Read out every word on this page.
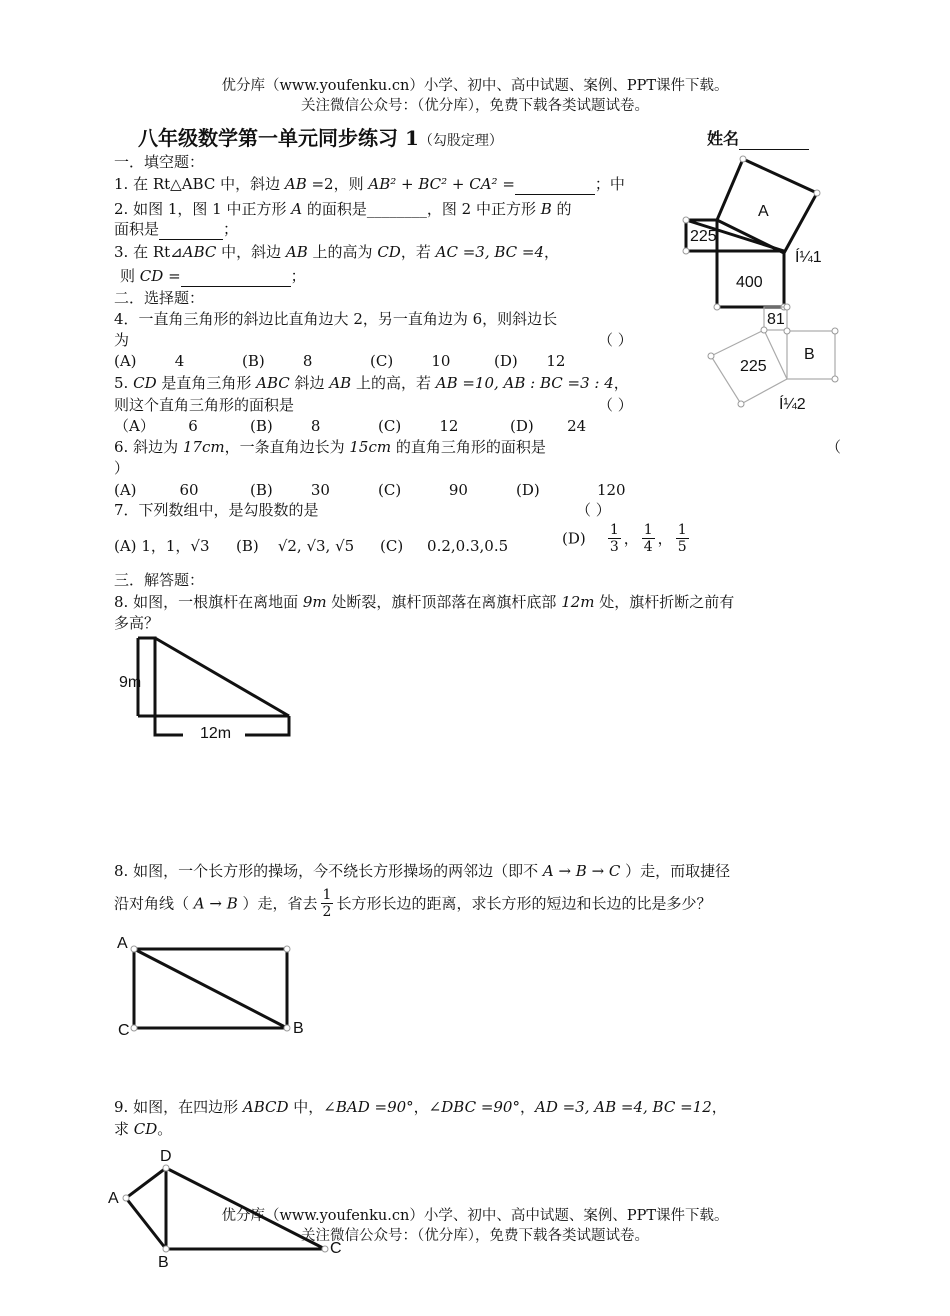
优分库（www.youfenku.cn）小学、初中、高中试题、案例、PPT课件下载。
关注微信公众号：（优分库），免费下载各类试题试卷。
八年级数学第一单元同步练习 1（勾股定理）	姓名
一．填空题：
1. 在 Rt△ABC 中，斜边 AB =2，则 AB² + BC² + CA² =	；中
2. 如图 1，图 1 中正方形 A 的面积是________，图 2 中正方形 B 的
面积是	；
3. 在 Rt⊿ABC 中，斜边 AB 上的高为 CD，若 AC =3, BC =4，
则 CD =	；
二．选择题：
4．一直角三角形的斜边比直角边大 2，另一直角边为 6，则斜边长
为	（ ）
(A)	4	(B)	8	(C)	10	(D) 12
5. CD 是直角三角形 ABC 斜边 AB 上的高，若 AB =10, AB : BC =3 : 4，
则这个直角三角形的面积是	（ ）
（A） 6	(B)	8	(C)	12	(D) 24
6. 斜边为 17cm，一条直角边长为 15cm 的直角三角形的面积是	（
）
(A)	60	(B)	30	(C)	90	(D)	120
7．下列数组中，是勾股数的是	（ ）
(A) 1，1，√3 (B) √2, √3, √5 (C) 0.2,0.3,0.5	$(D) \frac{1}{3}$ ， $\frac{1}{4}$ ， $\frac{1}{5}$
三．解答题：
8. 如图，一根旗杆在离地面 9m 处断裂，旗杆顶部落在离旗杆底部 12m 处，旗杆折断之前有
多高？
9m
12m
8. 如图，一个长方形的操场，今不绕长方形操场的两邻边（即不 A → B → C ）走，而取捷径
沿对角线（ A → B ）走，省去 $\frac{1}{2}$ 长方形长边的距离，求长方形的短边和长边的比是多少？
A
C	B
9. 如图，在四边形 ABCD 中，∠BAD =90°，∠DBC =90°，AD =3, AB =4, BC =12，
求 CD。
D
A
B
C
A
225
400
Í¼1
81
225
B
Í¼2
优分库（www.youfenku.cn）小学、初中、高中试题、案例、PPT课件下载。
关注微信公众号：（优分库），免费下载各类试题试卷。
